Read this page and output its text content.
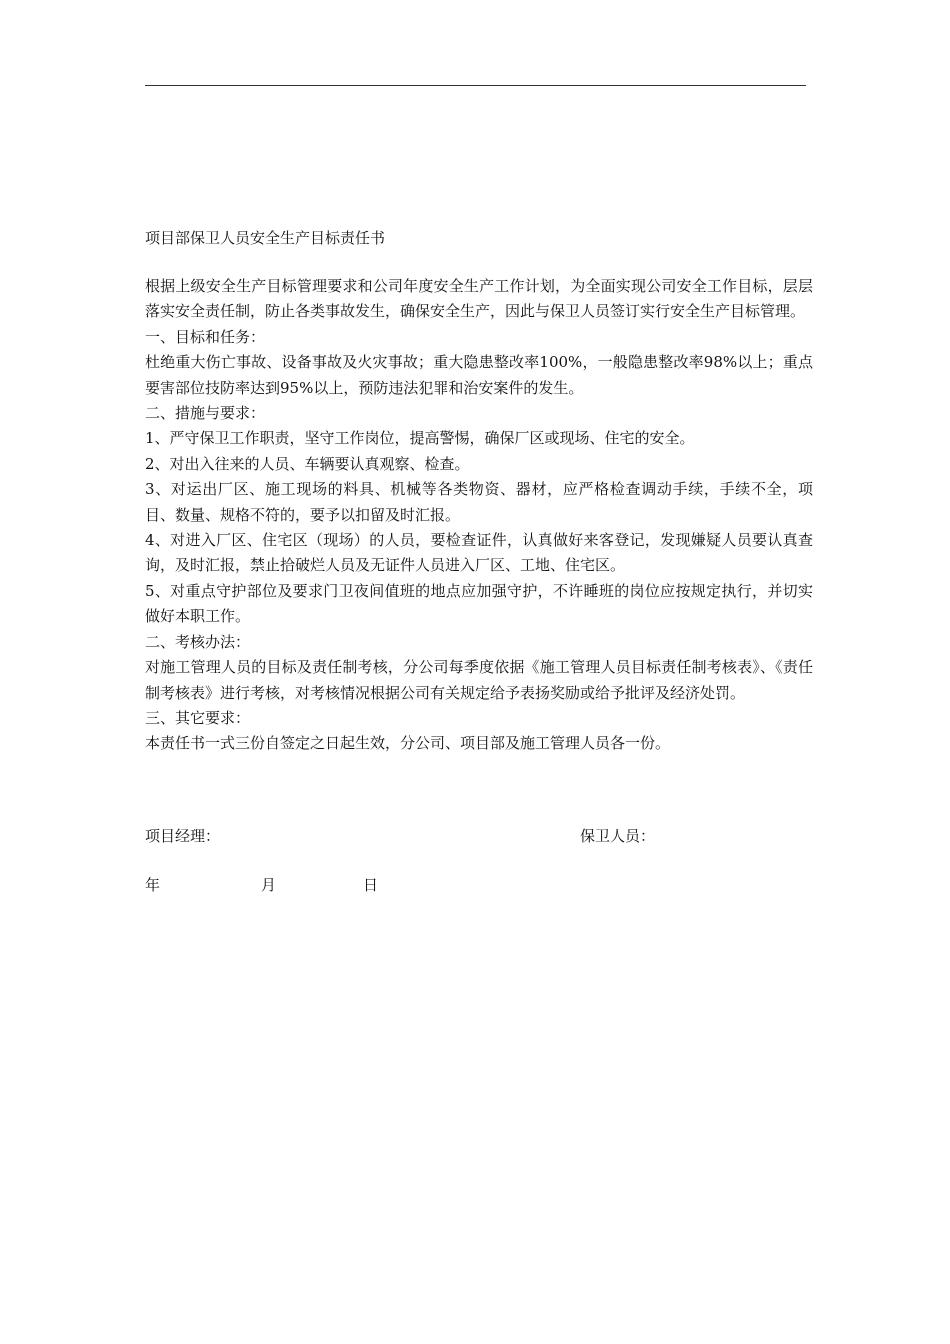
项目部保卫人员安全生产目标责任书

根据上级安全生产目标管理要求和公司年度安全生产工作计划，为全面实现公司安全工作目标，层层落实安全责任制，防止各类事故发生，确保安全生产，因此与保卫人员签订实行安全生产目标管理。

一、目标和任务：

杜绝重大伤亡事故、设备事故及火灾事故；重大隐患整改率100%，一般隐患整改率98%以上；重点要害部位技防率达到95%以上，预防违法犯罪和治安案件的发生。

二、措施与要求：

1、严守保卫工作职责，坚守工作岗位，提高警惕，确保厂区或现场、住宅的安全。

2、对出入往来的人员、车辆要认真观察、检查。

3、对运出厂区、施工现场的料具、机械等各类物资、器材，应严格检查调动手续，手续不全，项目、数量、规格不符的，要予以扣留及时汇报。

4、对进入厂区、住宅区（现场）的人员，要检查证件，认真做好来客登记，发现嫌疑人员要认真查询，及时汇报，禁止拾破烂人员及无证件人员进入厂区、工地、住宅区。

5、对重点守护部位及要求门卫夜间值班的地点应加强守护，不许睡班的岗位应按规定执行，并切实做好本职工作。

二、考核办法：

对施工管理人员的目标及责任制考核，分公司每季度依据《施工管理人员目标责任制考核表》、《责任制考核表》进行考核，对考核情况根据公司有关规定给予表扬奖励或给予批评及经济处罚。

三、其它要求：

本责任书一式三份自签定之日起生效，分公司、项目部及施工管理人员各一份。

项目经理：	保卫人员：
年	月	日
